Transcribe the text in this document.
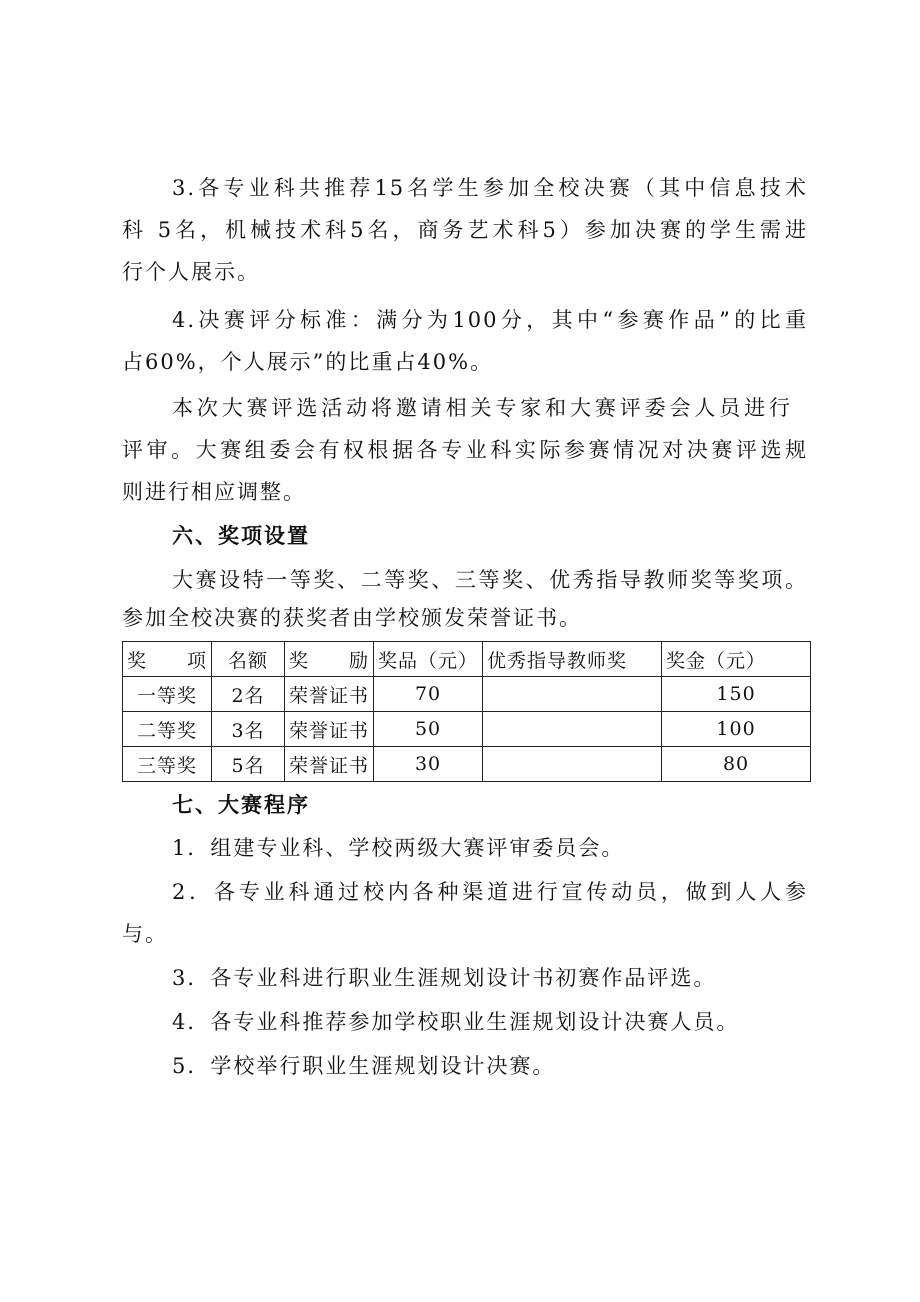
3.各专业科共推荐15名学生参加全校决赛（其中信息技术
科 5名，机械技术科5名，商务艺术科5）参加决赛的学生需进
行个人展示。
4.决赛评分标准：满分为100分，其中“参赛作品”的比重
占60%，个人展示”的比重占40%。
本次大赛评选活动将邀请相关专家和大赛评委会人员进行
评审。大赛组委会有权根据各专业科实际参赛情况对决赛评选规
则进行相应调整。
六、奖项设置
大赛设特一等奖、二等奖、三等奖、优秀指导教师奖等奖项。
参加全校决赛的获奖者由学校颁发荣誉证书。
奖　　项	名额	奖　　励	奖品（元）	优秀指导教师奖	奖金（元）
一等奖	2名	荣誉证书	70		150
二等奖	3名	荣誉证书	50		100
三等奖	5名	荣誉证书	30		80
七、大赛程序
1．组建专业科、学校两级大赛评审委员会。
2．各专业科通过校内各种渠道进行宣传动员，做到人人参
与。
3．各专业科进行职业生涯规划设计书初赛作品评选。
4．各专业科推荐参加学校职业生涯规划设计决赛人员。
5．学校举行职业生涯规划设计决赛。
